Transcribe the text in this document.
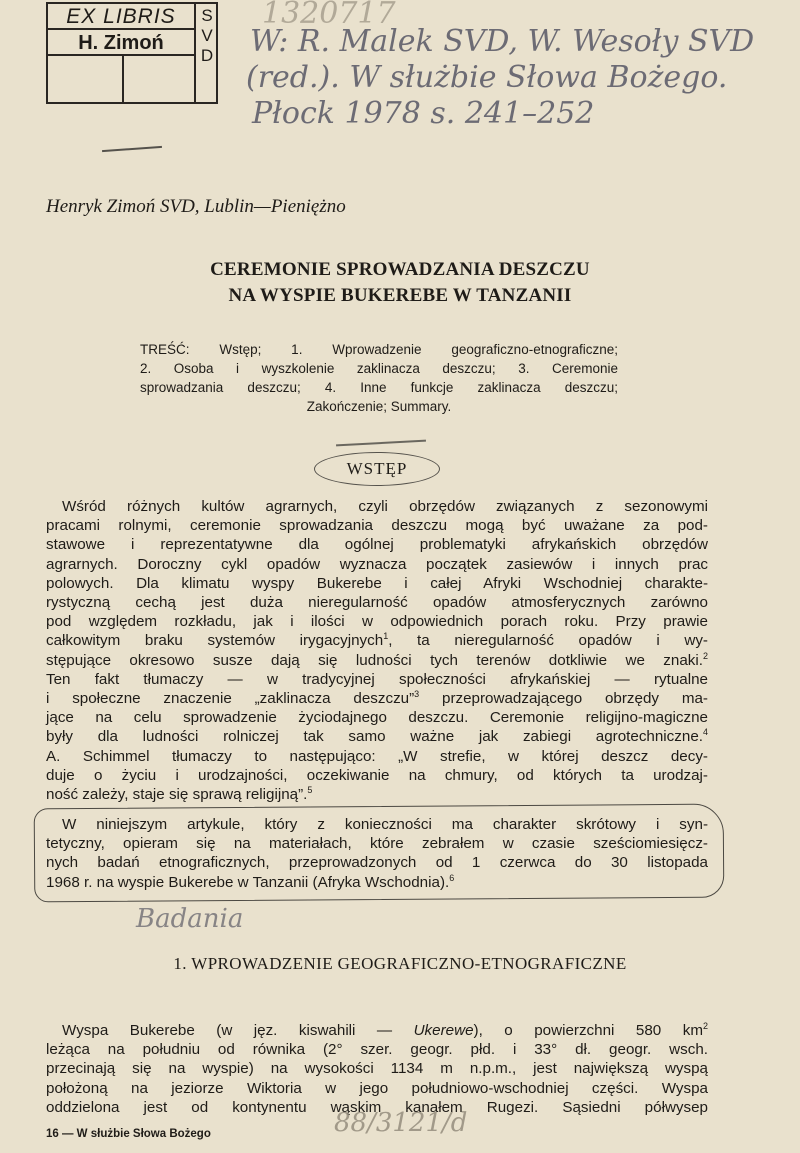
EX LIBRIS
H. Zimoń
S
V
D
1320717
W: R. Malek SVD, W. Wesoły SVD
(red.). W służbie Słowa Bożego.
Płock 1978 s. 241–252
Henryk Zimoń SVD, Lublin—Pieniężno
CEREMONIE SPROWADZANIA DESZCZU
NA WYSPIE BUKEREBE W TANZANII

TREŚĆ: Wstęp; 1. Wprowadzenie geograficzno-etnograficzne;

2. Osoba i wyszkolenie zaklinacza deszczu; 3. Ceremonie

sprowadzania deszczu; 4. Inne funkcje zaklinacza deszczu;

Zakończenie; Summary.

WSTĘP

Wśród różnych kultów agrarnych, czyli obrzędów związanych z sezonowymi

pracami rolnymi, ceremonie sprowadzania deszczu mogą być uważane za pod-

stawowe i reprezentatywne dla ogólnej problematyki afrykańskich obrzędów

agrarnych. Doroczny cykl opadów wyznacza początek zasiewów i innych prac

polowych. Dla klimatu wyspy Bukerebe i całej Afryki Wschodniej charakte-

rystyczną cechą jest duża nieregularność opadów atmosferycznych zarówno

pod względem rozkładu, jak i ilości w odpowiednich porach roku. Przy prawie

całkowitym braku systemów irygacyjnych$^1$, ta nieregularność opadów i wy-

stępujące okresowo susze dają się ludności tych terenów dotkliwie we znaki.$^2$

Ten fakt tłumaczy — w tradycyjnej społeczności afrykańskiej — rytualne

i społeczne znaczenie „zaklinacza deszczu”$^3$ przeprowadzającego obrzędy ma-

jące na celu sprowadzenie życiodajnego deszczu. Ceremonie religijno-magiczne

były dla ludności rolniczej tak samo ważne jak zabiegi agrotechniczne.$^4$

A. Schimmel tłumaczy to następująco: „W strefie, w której deszcz decy-

duje o życiu i urodzajności, oczekiwanie na chmury, od których ta urodzaj-

ność zależy, staje się sprawą religijną”.$^5$

W niniejszym artykule, który z konieczności ma charakter skrótowy i syn-

tetyczny, opieram się na materiałach, które zebrałem w czasie sześciomiesięcz-

nych badań etnograficznych, przeprowadzonych od 1 czerwca do 30 listopada

1968 r. na wyspie Bukerebe w Tanzanii (Afryka Wschodnia).$^6$

Badania
1. WPROWADZENIE GEOGRAFICZNO-ETNOGRAFICZNE

Wyspa Bukerebe (w jęz. kiswahili — Ukerewe), o powierzchni 580 $km^2$

leżąca na południu od równika (2° szer. geogr. płd. i 33° dł. geogr. wsch.

przecinają się na wyspie) na wysokości 1134 m n.p.m., jest największą wyspą

położoną na jeziorze Wiktoria w jego południowo-wschodniej części. Wyspa

oddzielona jest od kontynentu wąskim kanałem Rugezi. Sąsiedni półwysep

16 — W służbie Słowa Bożego	88/3121/d
